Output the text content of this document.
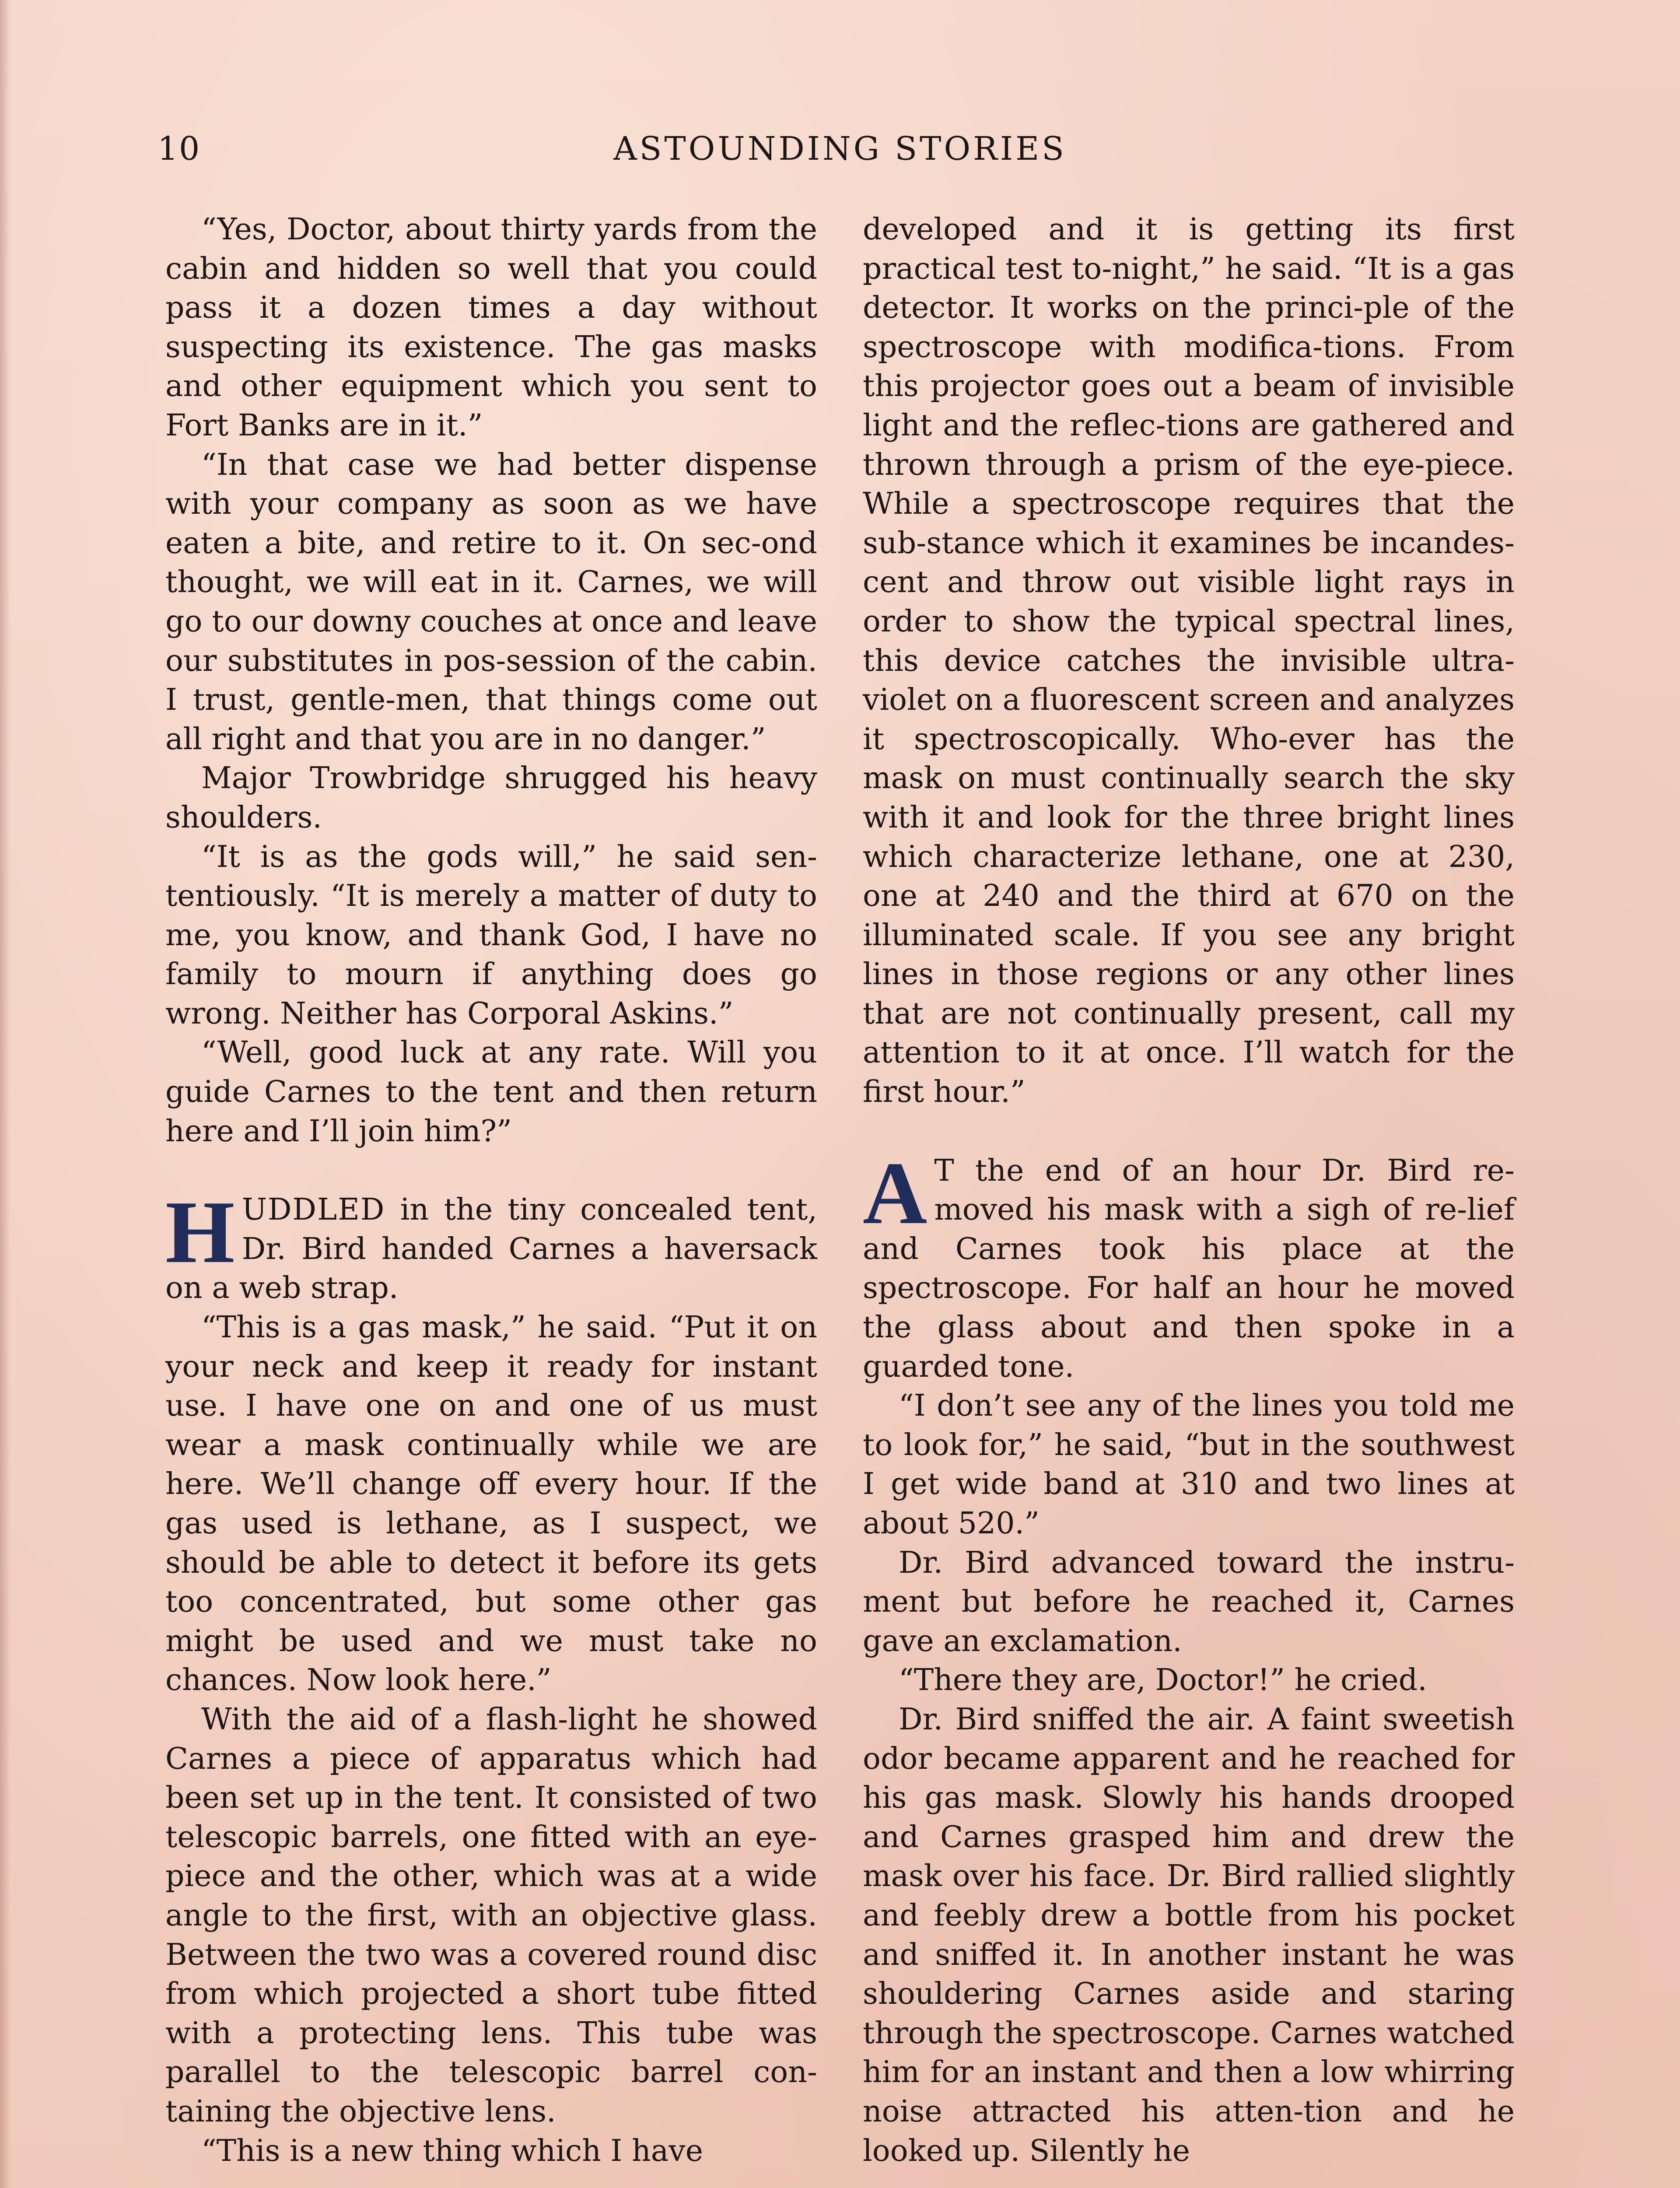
10	ASTOUNDING STORIES

“Yes, Doctor, about thirty yards from the cabin and hidden so well that you could pass it a dozen times a day without suspecting its existence. The gas masks and other equipment which you sent to Fort Banks are in it.”

“In that case we had better dispense with your company as soon as we have eaten a bite, and retire to it. On sec-ond thought, we will eat in it. Carnes, we will go to our downy couches at once and leave our substitutes in pos-session of the cabin. I trust, gentle-men, that things come out all right and that you are in no danger.”

Major Trowbridge shrugged his heavy shoulders.

“It is as the gods will,” he said sen-tentiously. “It is merely a matter of duty to me, you know, and thank God, I have no family to mourn if anything does go wrong. Neither has Corporal Askins.”

“Well, good luck at any rate. Will you guide Carnes to the tent and then return here and I’ll join him?”

HUDDLED in the tiny concealed tent, Dr. Bird handed Carnes a haversack on a web strap.

“This is a gas mask,” he said. “Put it on your neck and keep it ready for instant use. I have one on and one of us must wear a mask continually while we are here. We’ll change off every hour. If the gas used is lethane, as I suspect, we should be able to detect it before its gets too concentrated, but some other gas might be used and we must take no chances. Now look here.”

With the aid of a flash-light he showed Carnes a piece of apparatus which had been set up in the tent. It consisted of two telescopic barrels, one fitted with an eye-piece and the other, which was at a wide angle to the first, with an objective glass. Between the two was a covered round disc from which projected a short tube fitted with a protecting lens. This tube was parallel to the telescopic barrel con-taining the objective lens.

“This is a new thing which I have

developed and it is getting its first practical test to-night,” he said. “It is a gas detector. It works on the princi-ple of the spectroscope with modifica-tions. From this projector goes out a beam of invisible light and the reflec-tions are gathered and thrown through a prism of the eye-piece. While a spectroscope requires that the sub-stance which it examines be incandes-cent and throw out visible light rays in order to show the typical spectral lines, this device catches the invisible ultra-violet on a fluorescent screen and analyzes it spectroscopically. Who-ever has the mask on must continually search the sky with it and look for the three bright lines which characterize lethane, one at 230, one at 240 and the third at 670 on the illuminated scale. If you see any bright lines in those regions or any other lines that are not continually present, call my attention to it at once. I’ll watch for the first hour.”

A T the end of an hour Dr. Bird re-moved his mask with a sigh of re-lief and Carnes took his place at the spectroscope. For half an hour he moved the glass about and then spoke in a guarded tone.

“I don’t see any of the lines you told me to look for,” he said, “but in the southwest I get wide band at 310 and two lines at about 520.”

Dr. Bird advanced toward the instru-ment but before he reached it, Carnes gave an exclamation.

“There they are, Doctor!” he cried.

Dr. Bird sniffed the air. A faint sweetish odor became apparent and he reached for his gas mask. Slowly his hands drooped and Carnes grasped him and drew the mask over his face. Dr. Bird rallied slightly and feebly drew a bottle from his pocket and sniffed it. In another instant he was shouldering Carnes aside and staring through the spectroscope. Carnes watched him for an instant and then a low whirring noise attracted his atten-tion and he looked up. Silently he
